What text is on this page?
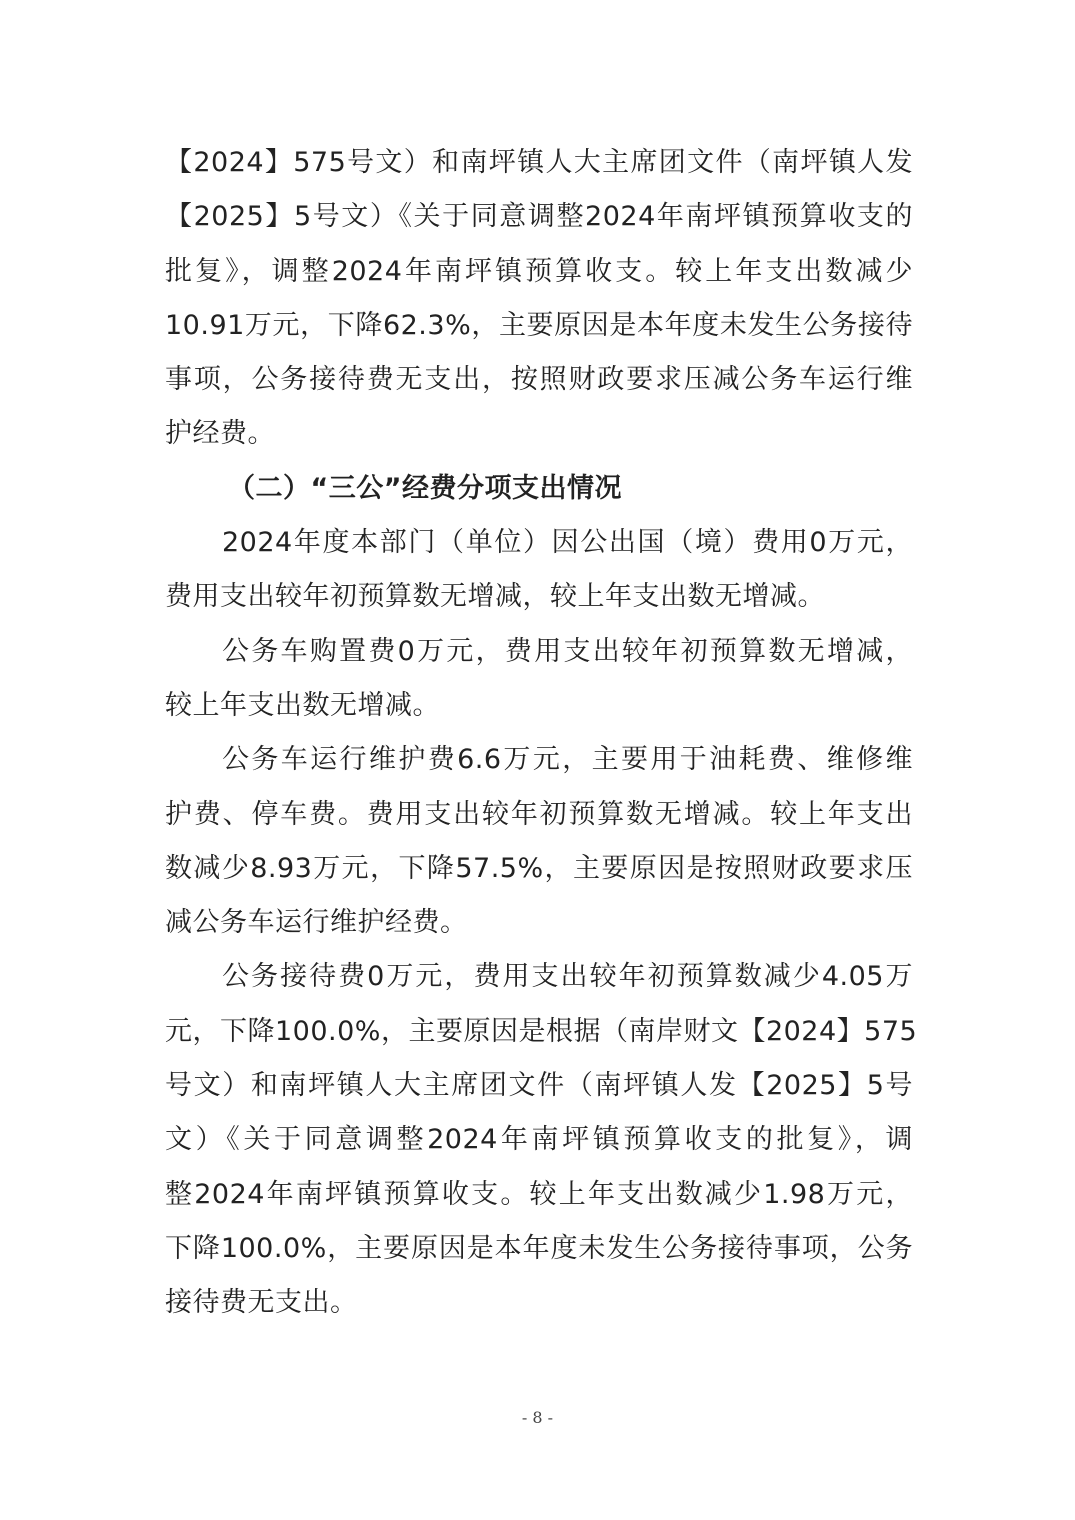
【2024】575号文）和南坪镇人大主席团文件（南坪镇人发
【2025】5号文）《关于同意调整2024年南坪镇预算收支的
批复》，调整2024年南坪镇预算收支。较上年支出数减少
10.91万元，下降62.3%，主要原因是本年度未发生公务接待
事项，公务接待费无支出，按照财政要求压减公务车运行维
护经费。
（二）“三公”经费分项支出情况
2024年度本部门（单位）因公出国（境）费用0万元，
费用支出较年初预算数无增减，较上年支出数无增减。
公务车购置费0万元，费用支出较年初预算数无增减，
较上年支出数无增减。
公务车运行维护费6.6万元，主要用于油耗费、维修维
护费、停车费。费用支出较年初预算数无增减。较上年支出
数减少8.93万元，下降57.5%，主要原因是按照财政要求压
减公务车运行维护经费。
公务接待费0万元，费用支出较年初预算数减少4.05万
元，下降100.0%，主要原因是根据（南岸财文【2024】575
号文）和南坪镇人大主席团文件（南坪镇人发【2025】5号
文）《关于同意调整2024年南坪镇预算收支的批复》，调
整2024年南坪镇预算收支。较上年支出数减少1.98万元，
下降100.0%，主要原因是本年度未发生公务接待事项，公务
接待费无支出。
- 8 -
